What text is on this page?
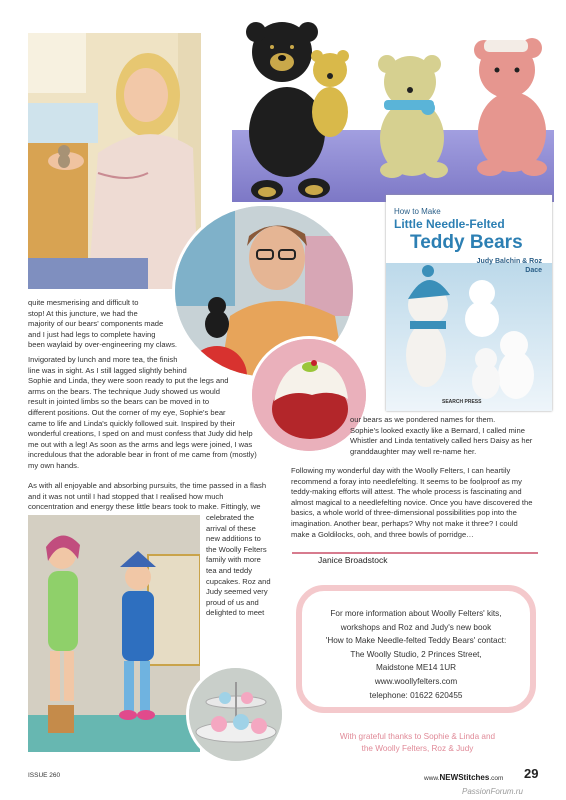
How to Make
Little Needle-Felted
Teddy Bears
Judy Balchin & Roz Dace
SEARCH PRESS
quite mesmerising and difficult to
stop! At this juncture, we had the
majority of our bears' components made
and I just had legs to complete having
been waylaid by over-engineering my claws.
Invigorated by lunch and more tea, the finish
line was in sight. As I still lagged slightly behind
Sophie and Linda, they were soon ready to put the legs and
arms on the bears. The technique Judy showed us would
result in jointed limbs so the bears can be moved in to
different positions. Out the corner of my eye, Sophie's bear
came to life and Linda's quickly followed suit. Inspired by their
wonderful creations, I sped on and must confess that Judy did help
me out with a leg! As soon as the arms and legs were joined, I was
incredulous that the adorable bear in front of me came from (mostly)
my own hands.
As with all enjoyable and absorbing pursuits, the time passed in a flash
and it was not until I had stopped that I realised how much
concentration and energy these little bears took to make. Fittingly, we
celebrated the
arrival of these
new additions to
the Woolly Felters
family with more
tea and teddy
cupcakes. Roz and
Judy seemed very
proud of us and
delighted to meet
our bears as we pondered names for them.
Sophie's looked exactly like a Bernard, I called mine
Whistler and Linda tentatively called hers Daisy as her
granddaughter may well re-name her.
Following my wonderful day with the Woolly Felters, I can heartily
recommend a foray into needlefelting. It seems to be foolproof as my
teddy-making efforts will attest. The whole process is fascinating and
almost magical to a needlefelting novice. Once you have discovered the
basics, a whole world of three-dimensional possibilities pop into the
imagination. Another bear, perhaps? Why not make it three? I could
make a Goldilocks, ooh, and three bowls of porridge…
Janice Broadstock
For more information about Woolly Felters' kits,
workshops and Roz and Judy's new book
'How to Make Needle-felted Teddy Bears' contact:
The Woolly Studio, 2 Princes Street,
Maidstone ME14 1UR
www.woollyfelters.com
telephone: 01622 620455
With grateful thanks to Sophie & Linda and
the Woolly Felters, Roz & Judy
ISSUE 260	www.NEWStitches.com 29
PassionForum.ru
